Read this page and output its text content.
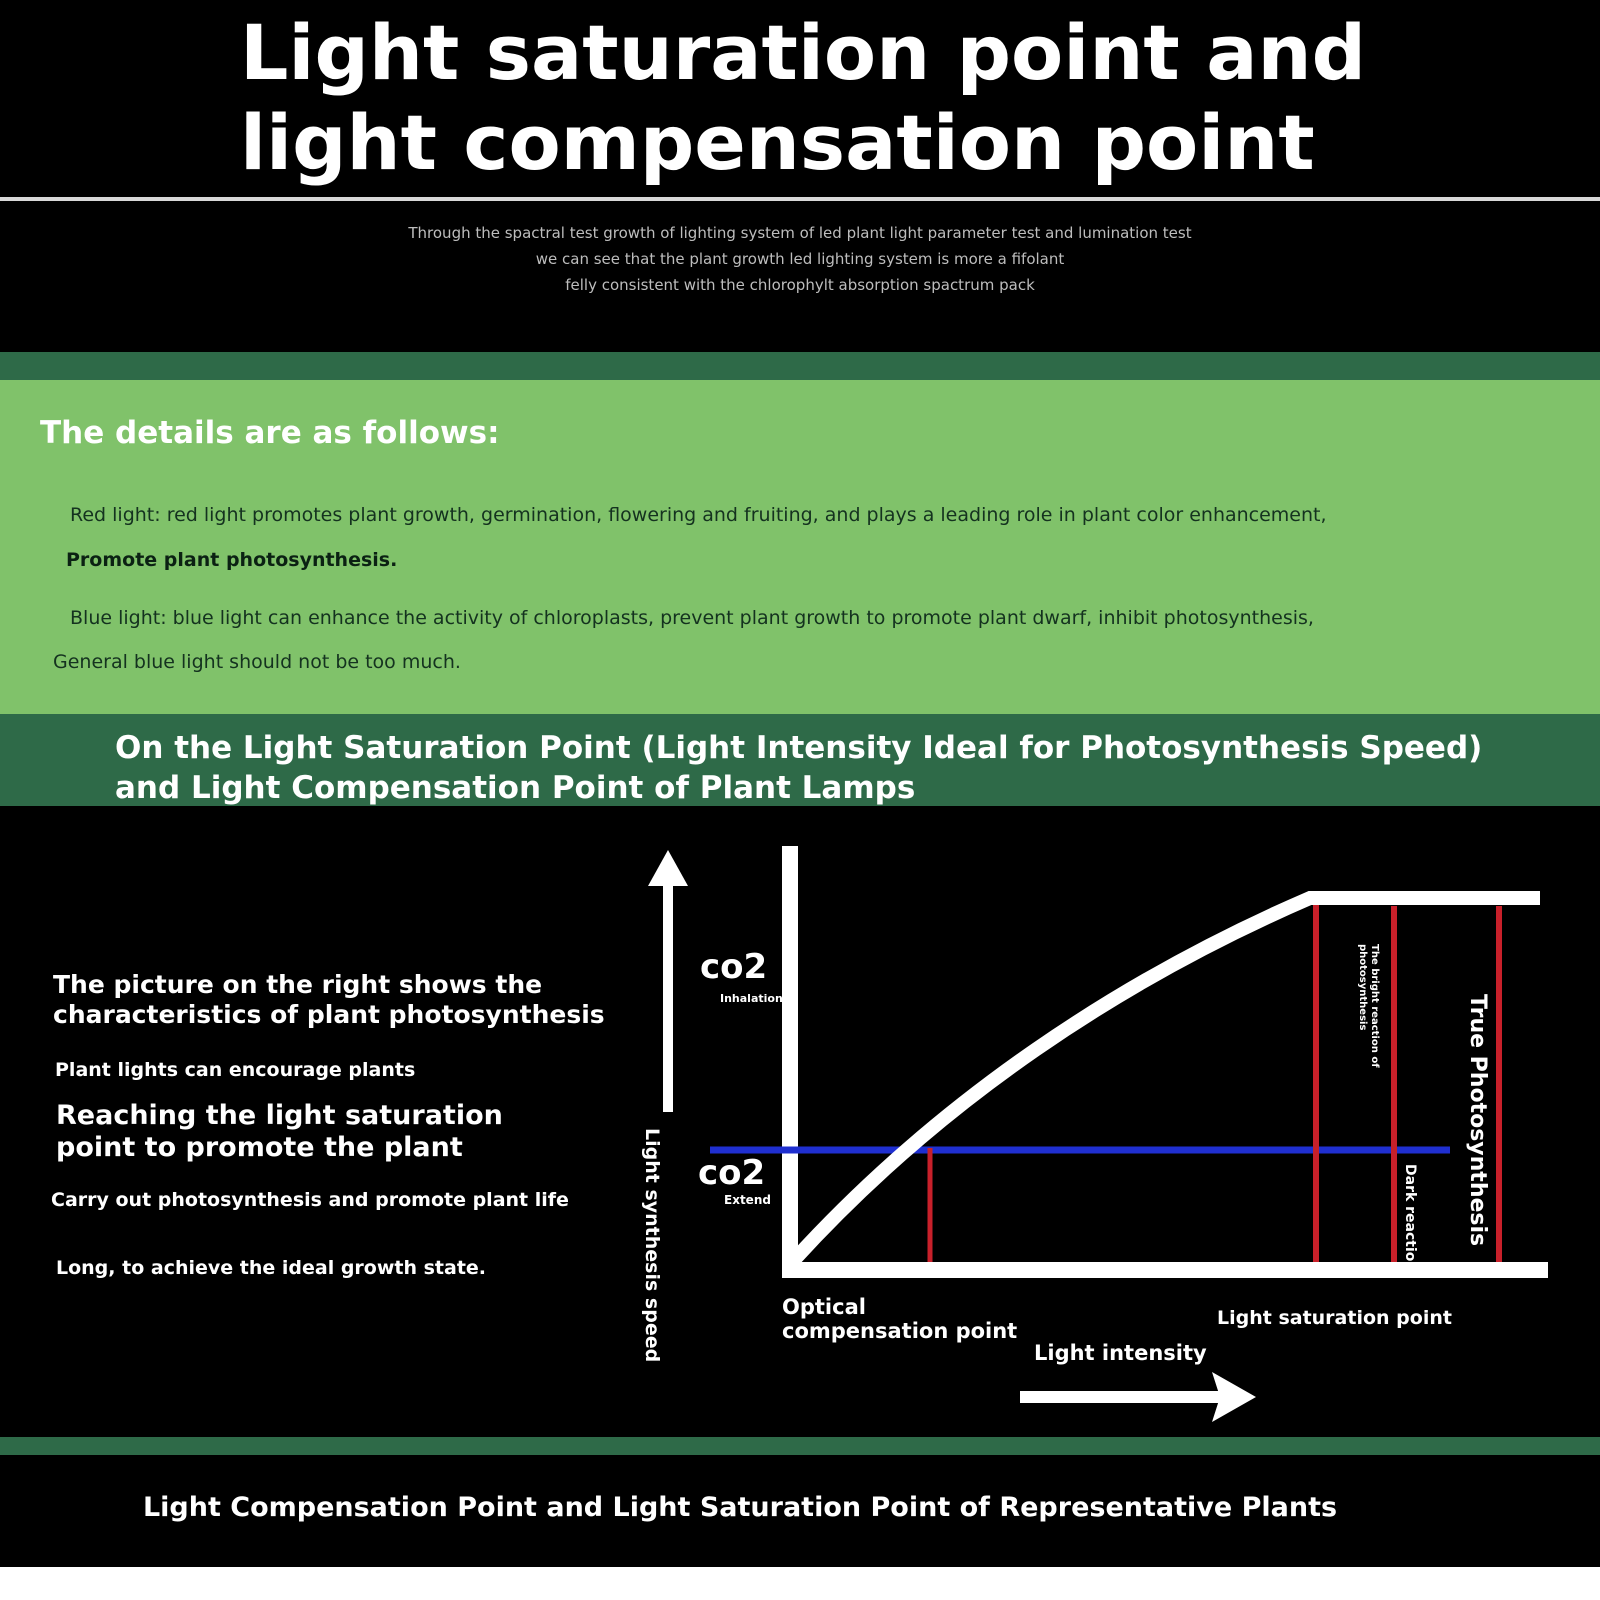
Light saturation point and
light compensation point
Through the spactral test growth of lighting system of led plant light parameter test and lumination test
we can see that the plant growth led lighting system is more a fifolant
felly consistent with the chlorophylt absorption spactrum pack
The details are as follows:
Red light: red light promotes plant growth, germination, flowering and fruiting, and plays a leading role in plant color enhancement,
Promote plant photosynthesis.
Blue light: blue light can enhance the activity of chloroplasts, prevent plant growth to promote plant dwarf, inhibit photosynthesis,
General blue light should not be too much.
On the Light Saturation Point (Light Intensity Ideal for Photosynthesis Speed)
and Light Compensation Point of Plant Lamps
The picture on the right shows the
characteristics of plant photosynthesis
Plant lights can encourage plants
Reaching the light saturation
point to promote the plant
Carry out photosynthesis and promote plant life
Long, to achieve the ideal growth state.
co2
Inhalation
co2
Extend
Light synthesis speed
The bright reaction of
photosynthesis
Dark reaction True Photosynthesis
Optical
compensation point
Light saturation point
Light intensity
Light Compensation Point and Light Saturation Point of Representative Plants
